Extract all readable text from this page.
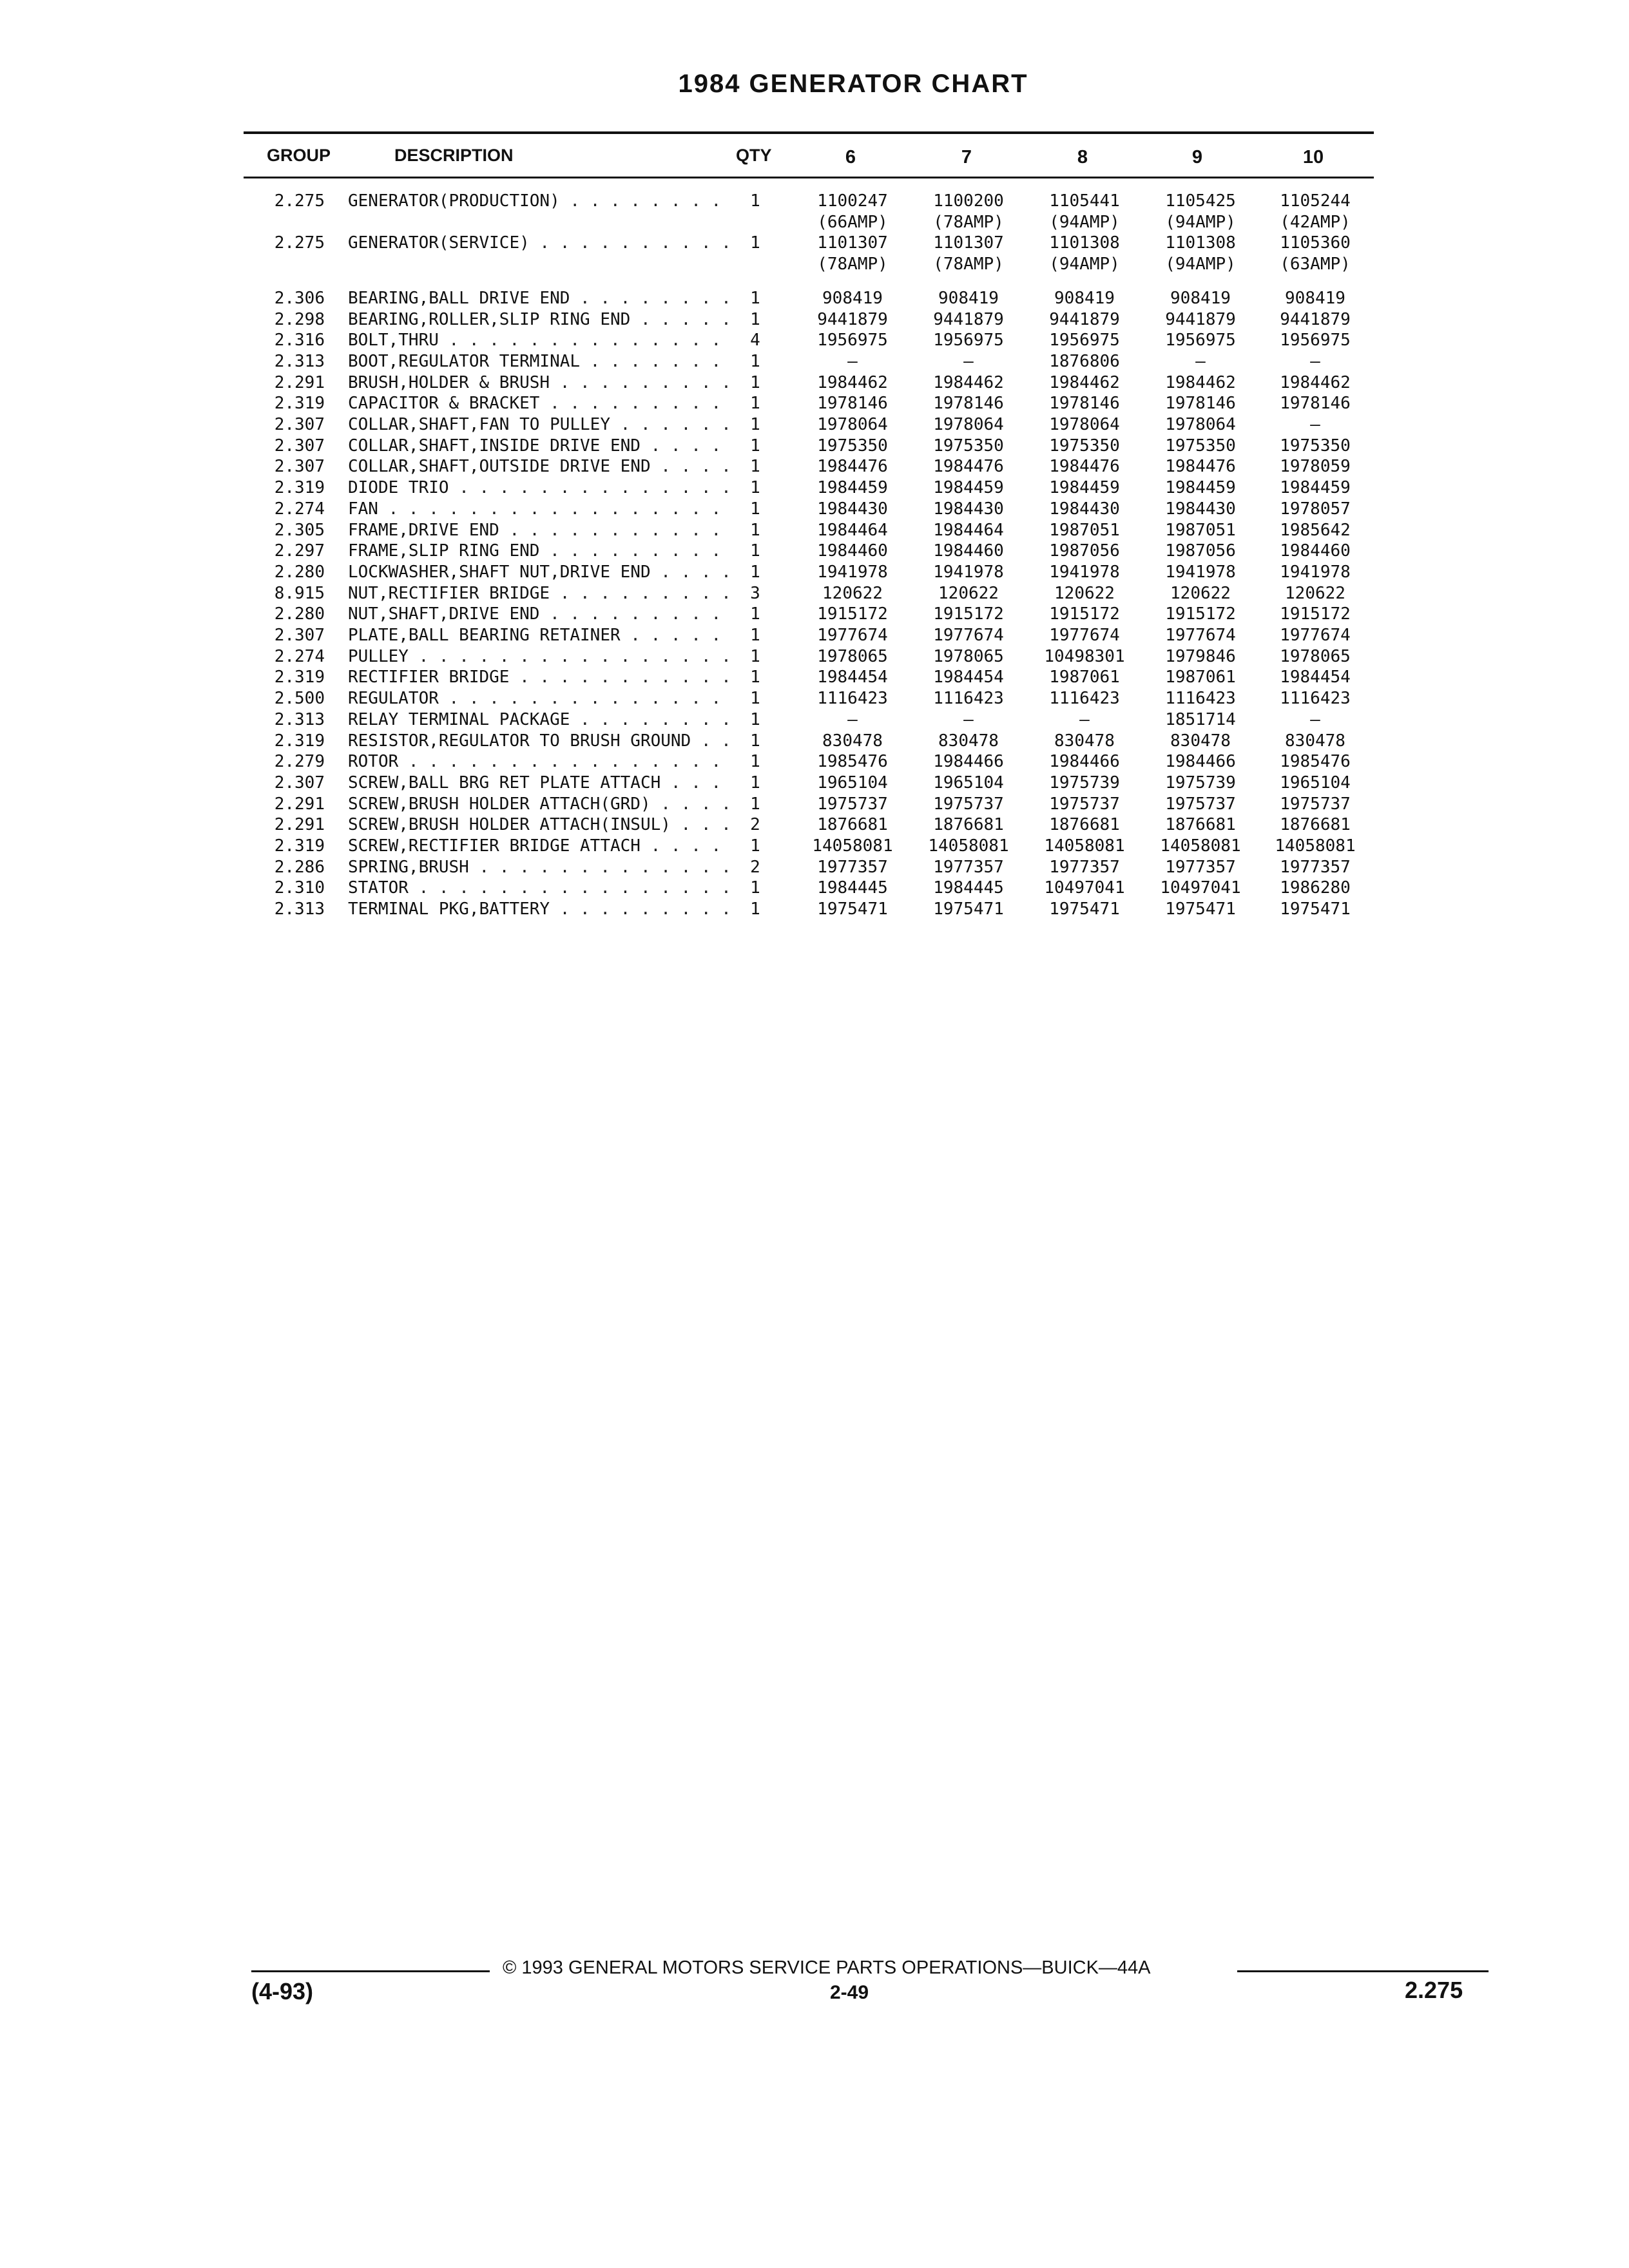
1984 GENERATOR CHART
GROUP	DESCRIPTION	QTY	6	7	8	9	10
2.275 GENERATOR(PRODUCTION) . . . . . . . .	1	1100247	1100200	1105441	1105425	1105244
(66AMP)	(78AMP)	(94AMP)	(94AMP)	(42AMP)
2.275 GENERATOR(SERVICE) . . . . . . . . . . 1	1101307	1101307	1101308	1101308	1105360
(78AMP)	(78AMP)	(94AMP)	(94AMP)	(63AMP)
2.306 BEARING,BALL DRIVE END . . . . . . . . 1	908419	908419	908419	908419	908419
2.298 BEARING,ROLLER,SLIP RING END . . . . . 1	9441879	9441879	9441879	9441879	9441879
2.316 BOLT,THRU . . . . . . . . . . . . . .	4	1956975	1956975	1956975	1956975	1956975
2.313 BOOT,REGULATOR TERMINAL . . . . . . .	1	—	—	1876806	—	—
2.291 BRUSH,HOLDER & BRUSH . . . . . . . . . 1	1984462	1984462	1984462	1984462	1984462
2.319 CAPACITOR & BRACKET . . . . . . . . .	1	1978146	1978146	1978146	1978146	1978146
2.307 COLLAR,SHAFT,FAN TO PULLEY . . . . . . 1	1978064	1978064	1978064	1978064	—
2.307 COLLAR,SHAFT,INSIDE DRIVE END . . . .	1	1975350	1975350	1975350	1975350	1975350
2.307 COLLAR,SHAFT,OUTSIDE DRIVE END . . . . 1	1984476	1984476	1984476	1984476	1978059
2.319 DIODE TRIO . . . . . . . . . . . . . . 1	1984459	1984459	1984459	1984459	1984459
2.274 FAN . . . . . . . . . . . . . . . . .	1	1984430	1984430	1984430	1984430	1978057
2.305 FRAME,DRIVE END . . . . . . . . . . .	1	1984464	1984464	1987051	1987051	1985642
2.297 FRAME,SLIP RING END . . . . . . . . .	1	1984460	1984460	1987056	1987056	1984460
2.280 LOCKWASHER,SHAFT NUT,DRIVE END . . . . 1	1941978	1941978	1941978	1941978	1941978
8.915 NUT,RECTIFIER BRIDGE . . . . . . . . . 3	120622	120622	120622	120622	120622
2.280 NUT,SHAFT,DRIVE END . . . . . . . . .	1	1915172	1915172	1915172	1915172	1915172
2.307 PLATE,BALL BEARING RETAINER . . . . .	1	1977674	1977674	1977674	1977674	1977674
2.274 PULLEY . . . . . . . . . . . . . . . . 1	1978065	1978065	10498301	1979846	1978065
2.319 RECTIFIER BRIDGE . . . . . . . . . . . 1	1984454	1984454	1987061	1987061	1984454
2.500 REGULATOR . . . . . . . . . . . . . .	1	1116423	1116423	1116423	1116423	1116423
2.313 RELAY TERMINAL PACKAGE . . . . . . . . 1	—	—	—	1851714	—
2.319 RESISTOR,REGULATOR TO BRUSH GROUND . . 1	830478	830478	830478	830478	830478
2.279 ROTOR . . . . . . . . . . . . . . . .	1	1985476	1984466	1984466	1984466	1985476
2.307 SCREW,BALL BRG RET PLATE ATTACH . . .	1	1965104	1965104	1975739	1975739	1965104
2.291 SCREW,BRUSH HOLDER ATTACH(GRD) . . . . 1	1975737	1975737	1975737	1975737	1975737
2.291 SCREW,BRUSH HOLDER ATTACH(INSUL) . . . 2	1876681	1876681	1876681	1876681	1876681
2.319 SCREW,RECTIFIER BRIDGE ATTACH . . . .	1	14058081	14058081	14058081	14058081	14058081
2.286 SPRING,BRUSH . . . . . . . . . . . . . 2	1977357	1977357	1977357	1977357	1977357
2.310 STATOR . . . . . . . . . . . . . . . . 1	1984445	1984445	10497041	10497041	1986280
2.313 TERMINAL PKG,BATTERY . . . . . . . . . 1	1975471	1975471	1975471	1975471	1975471
© 1993 GENERAL MOTORS SERVICE PARTS OPERATIONS—BUICK—44A
(4-93)	2-49	2.275
